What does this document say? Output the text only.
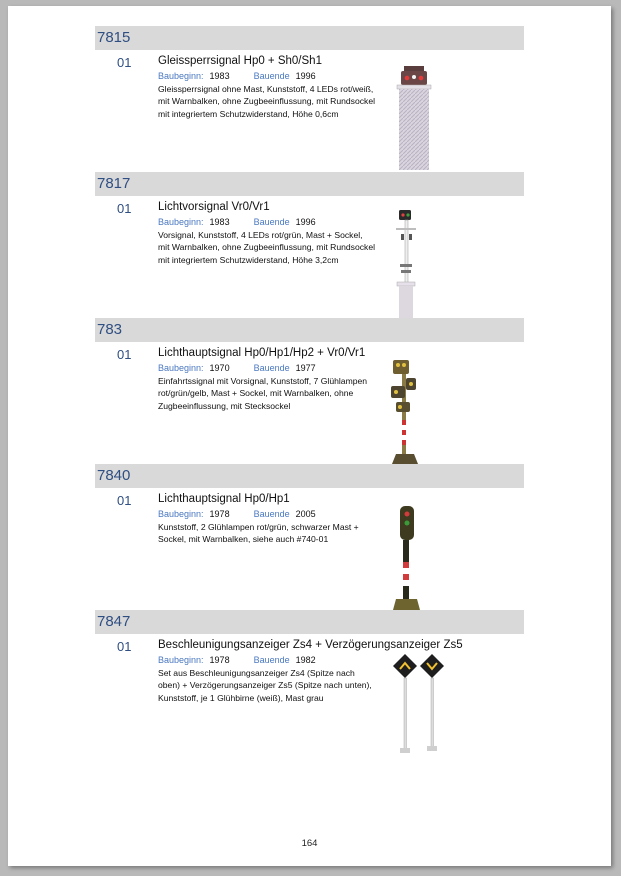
7815
01 Gleissperrsignal Hp0 + Sh0/Sh1
Baubeginn: 1983	Bauende 1996
Gleissperrsignal ohne Mast, Kunststoff, 4 LEDs rot/weiß, mit Warnbalken, ohne Zugbeeinflussung, mit Rundsockel mit integriertem Schutzwiderstand, Höhe 0,6cm
7817
01 Lichtvorsignal Vr0/Vr1
Baubeginn: 1983	Bauende 1996
Vorsignal, Kunststoff, 4 LEDs rot/grün, Mast + Sockel, mit Warnbalken, ohne Zugbeeinflussung, mit Rundsockel mit integriertem Schutzwiderstand, Höhe 3,2cm
783
01 Lichthauptsignal Hp0/Hp1/Hp2 + Vr0/Vr1
Baubeginn: 1970	Bauende 1977
Einfahrtssignal mit Vorsignal, Kunststoff, 7 Glühlampen rot/grün/gelb, Mast + Sockel, mit Warnbalken, ohne Zugbeeinflussung, mit Stecksockel
7840
01 Lichthauptsignal Hp0/Hp1
Baubeginn: 1978	Bauende 2005
Kunststoff, 2 Glühlampen rot/grün, schwarzer Mast + Sockel, mit Warnbalken, siehe auch #740-01
7847
01 Beschleunigungsanzeiger Zs4 + Verzögerungsanzeiger Zs5
Baubeginn: 1978	Bauende 1982
Set aus Beschleunigungsanzeiger Zs4 (Spitze nach oben) + Verzögerungsanzeiger Zs5 (Spitze nach unten), Kunststoff, je 1 Glühbirne (weiß), Mast grau
164
